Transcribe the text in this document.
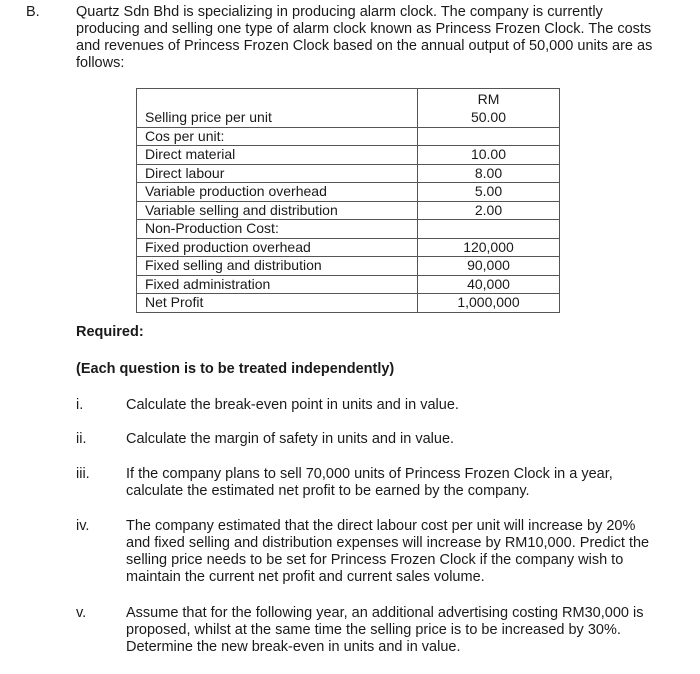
B.	Quartz Sdn Bhd is specializing in producing alarm clock. The company is currently producing and selling one type of alarm clock known as Princess Frozen Clock. The costs and revenues of Princess Frozen Clock based on the annual output of 50,000 units are as follows:
	RM
Selling price per unit	50.00
Cos per unit:	
Direct material	10.00
Direct labour	8.00
Variable production overhead	5.00
Variable selling and distribution	2.00
Non-Production Cost:	
Fixed production overhead	120,000
Fixed selling and distribution	90,000
Fixed administration	40,000
Net Profit	1,000,000
Required:
(Each question is to be treated independently)
i.	Calculate the break-even point in units and in value.
ii.	Calculate the margin of safety in units and in value.
iii.	If the company plans to sell 70,000 units of Princess Frozen Clock in a year, calculate the estimated net profit to be earned by the company.
iv.	The company estimated that the direct labour cost per unit will increase by 20% and fixed selling and distribution expenses will increase by RM10,000. Predict the selling price needs to be set for Princess Frozen Clock if the company wish to maintain the current net profit and current sales volume.
v.	Assume that for the following year, an additional advertising costing RM30,000 is proposed, whilst at the same time the selling price is to be increased by 30%. Determine the new break-even in units and in value.
